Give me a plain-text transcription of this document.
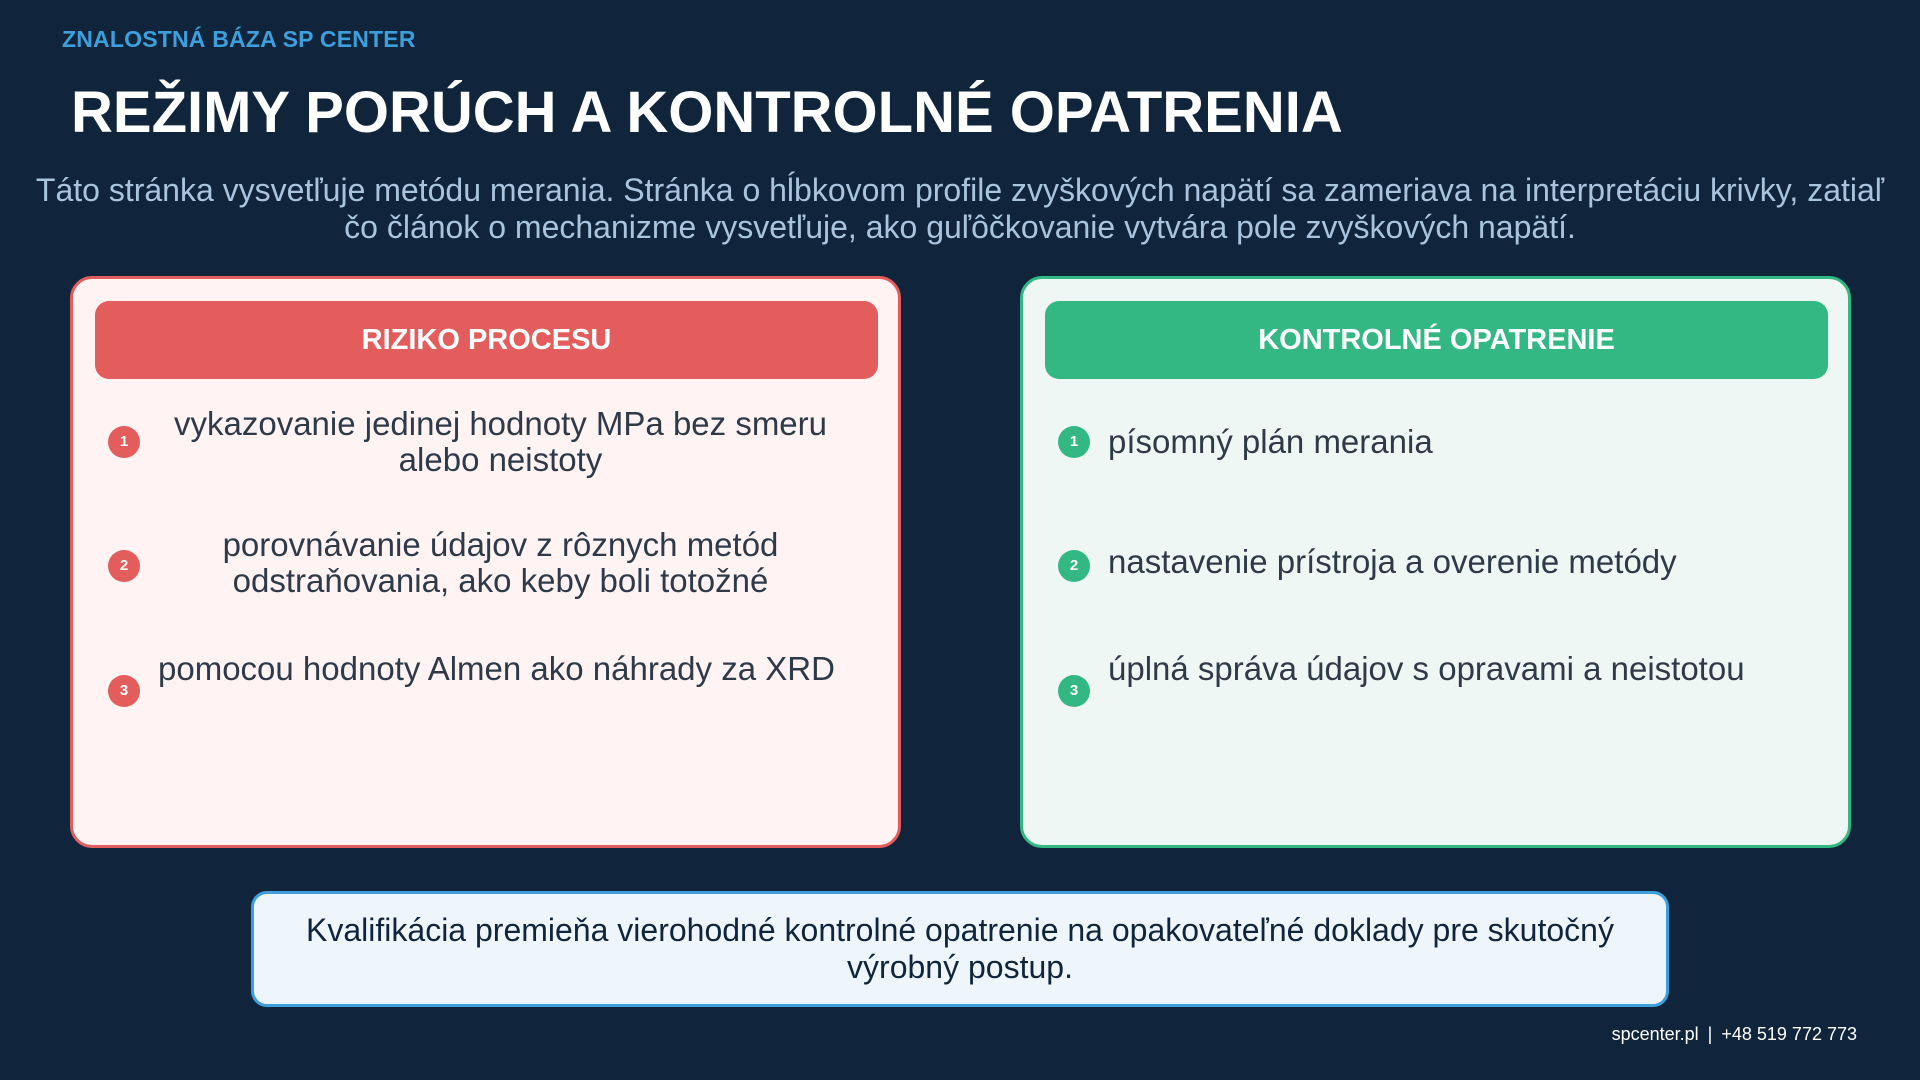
ZNALOSTNÁ BÁZA SP CENTER
REŽIMY PORÚCH A KONTROLNÉ OPATRENIA

Táto stránka vysvetľuje metódu merania. Stránka o hĺbkovom profile zvyškových napätí sa zameriava na interpretáciu krivky, zatiaľ čo článok o mechanizme vysvetľuje, ako guľôčkovanie vytvára pole zvyškových napätí.

RIZIKO PROCESU
1	vykazovanie jedinej hodnoty MPa bez smeru alebo neistoty
2
porovnávanie údajov z rôznych metód odstraňovania, ako keby boli totožné
3
pomocou hodnoty Almen ako náhrady za XRD
KONTROLNÉ OPATRENIE
1 písomný plán merania
2 nastavenie prístroja a overenie metódy
3
úplná správa údajov s opravami a neistotou
Kvalifikácia premieňa vierohodné kontrolné opatrenie na opakovateľné doklady pre skutočný výrobný postup.
spcenter.pl | +48 519 772 773
